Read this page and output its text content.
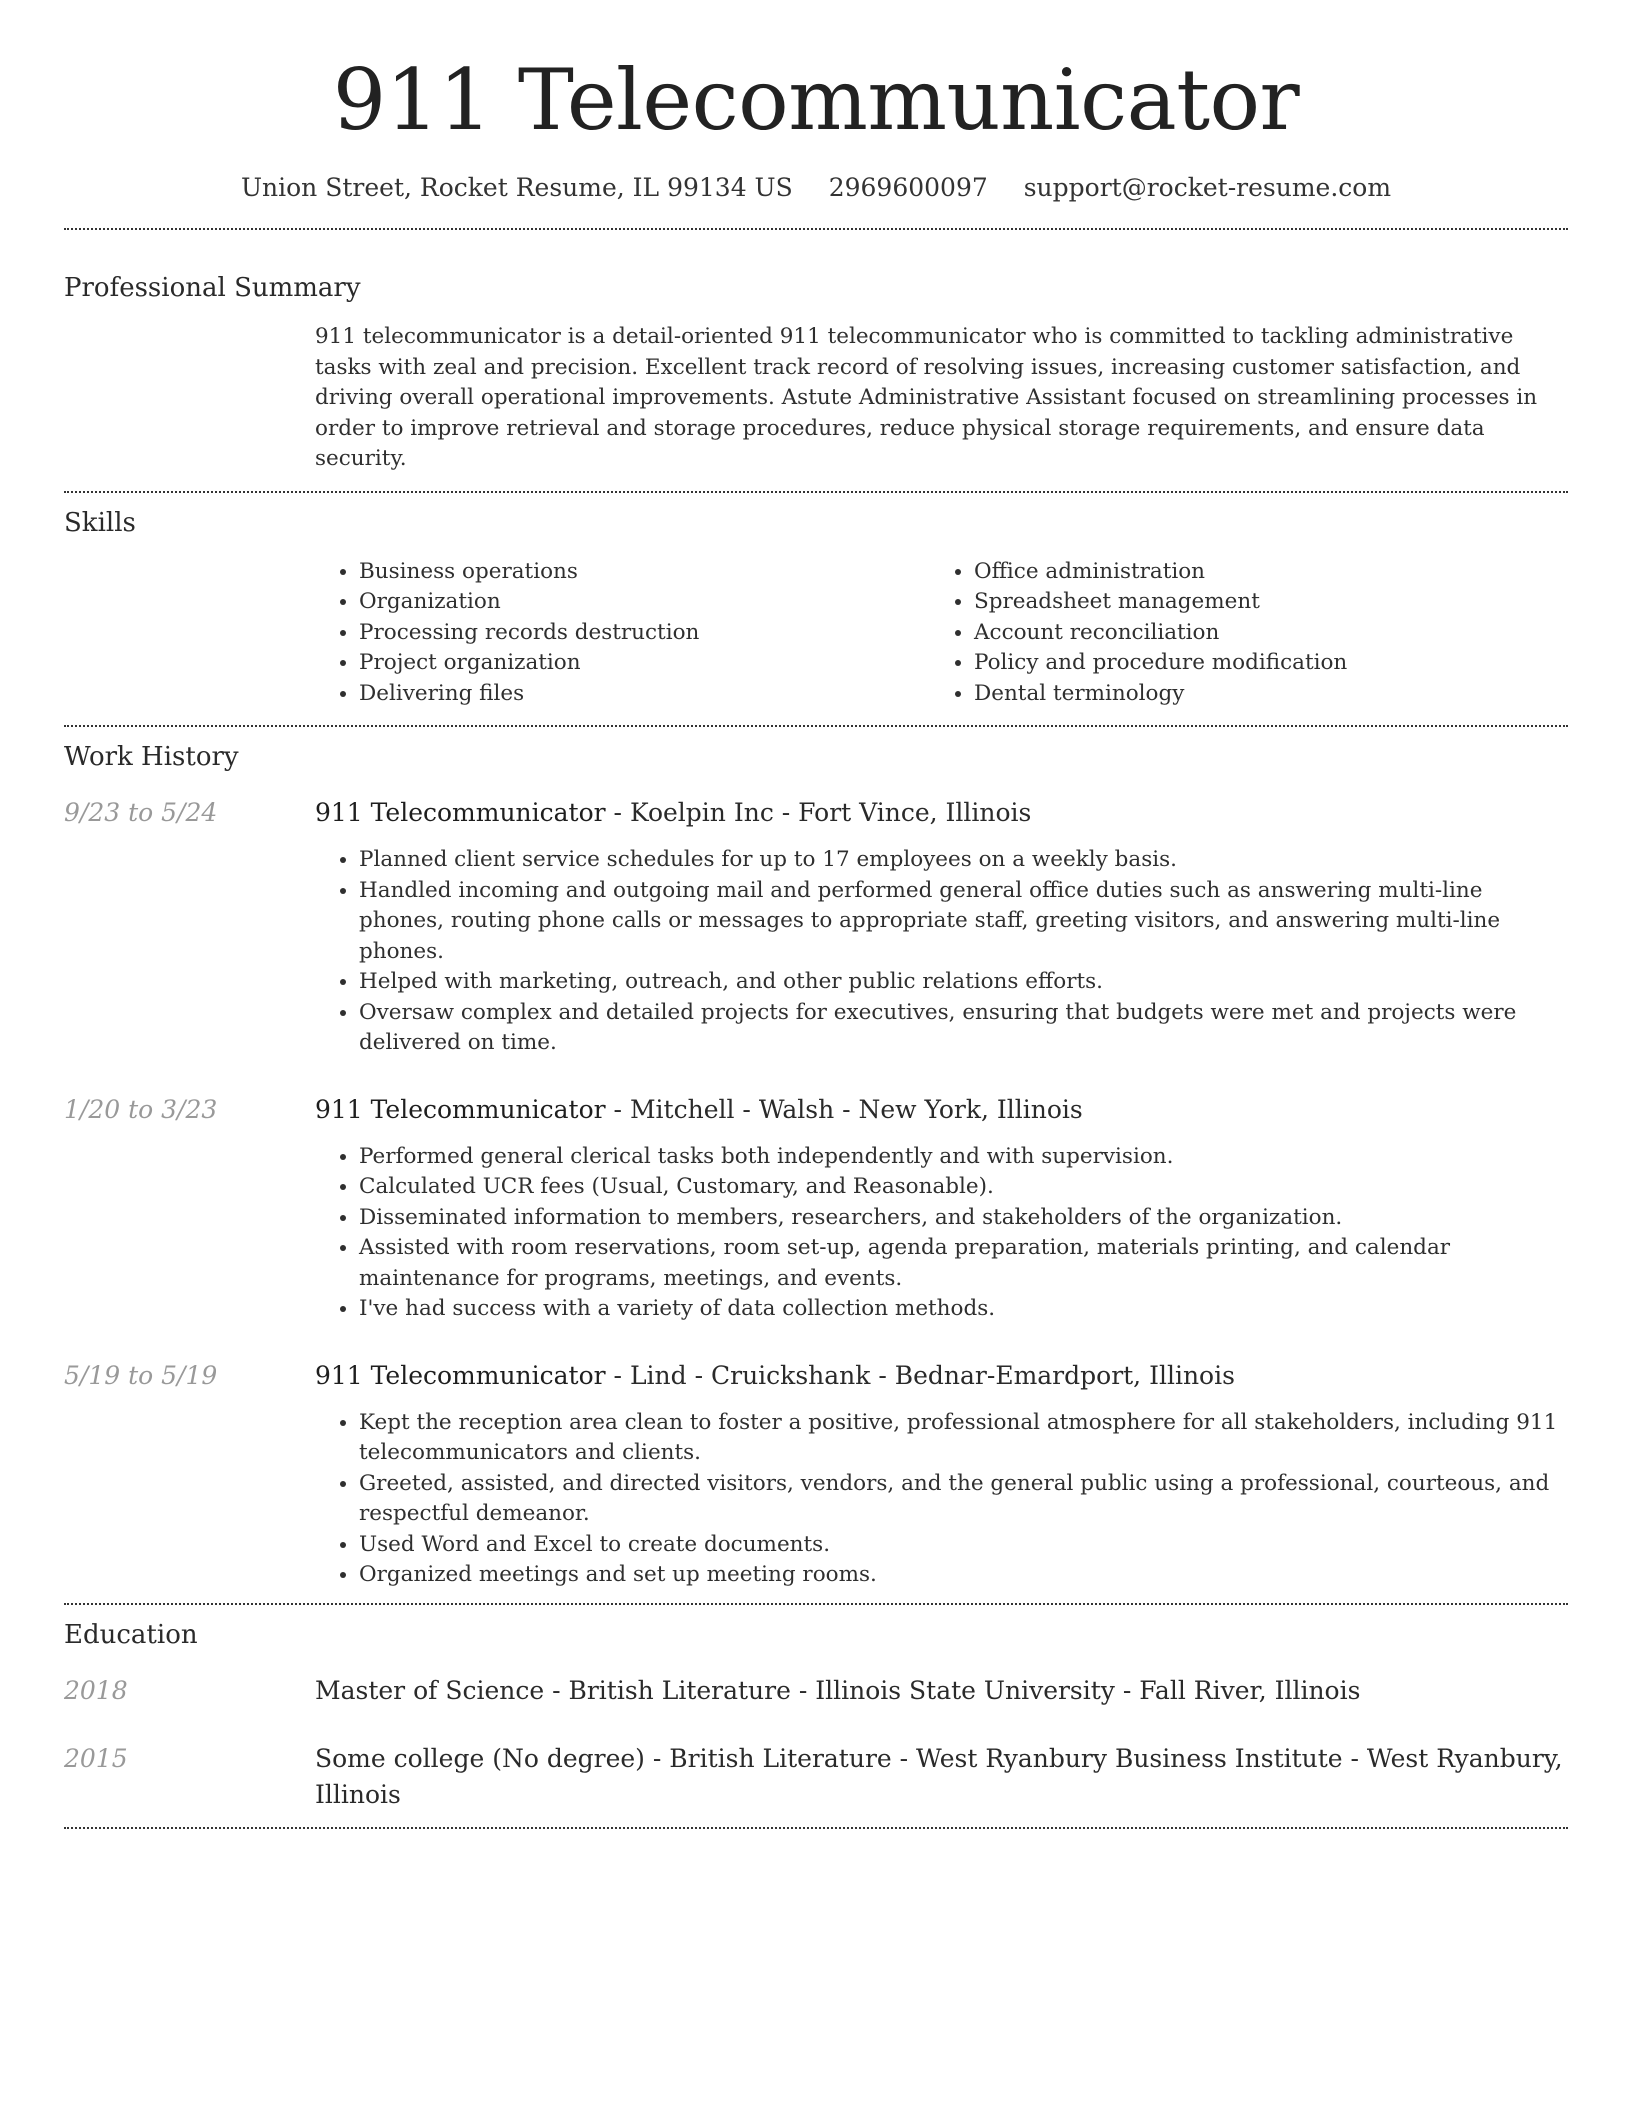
911 Telecommunicator
Union Street, Rocket Resume, IL 99134 US 2969600097 support@rocket-resume.com
Professional Summary

911 telecommunicator is a detail-oriented 911 telecommunicator who is committed to tackling administrative tasks with zeal and precision. Excellent track record of resolving issues, increasing customer satisfaction, and driving overall operational improvements. Astute Administrative Assistant focused on streamlining processes in order to improve retrieval and storage procedures, reduce physical storage requirements, and ensure data security.

Skills
• Business operations
• Organization
• Processing records destruction
• Project organization
• Delivering files
• Office administration
• Spreadsheet management
• Account reconciliation
• Policy and procedure modification
• Dental terminology
Work History
9/23 to 5/24	911 Telecommunicator - Koelpin Inc - Fort Vince, Illinois
• Planned client service schedules for up to 17 employees on a weekly basis.
• Handled incoming and outgoing mail and performed general office duties such as answering multi-line phones, routing phone calls or messages to appropriate staff, greeting visitors, and answering multi-line phones.
• Helped with marketing, outreach, and other public relations efforts.
• Oversaw complex and detailed projects for executives, ensuring that budgets were met and projects were delivered on time.
1/20 to 3/23	911 Telecommunicator - Mitchell - Walsh - New York, Illinois
• Performed general clerical tasks both independently and with supervision.
• Calculated UCR fees (Usual, Customary, and Reasonable).
• Disseminated information to members, researchers, and stakeholders of the organization.
• Assisted with room reservations, room set-up, agenda preparation, materials printing, and calendar maintenance for programs, meetings, and events.
• I've had success with a variety of data collection methods.
5/19 to 5/19	911 Telecommunicator - Lind - Cruickshank - Bednar-Emardport, Illinois
• Kept the reception area clean to foster a positive, professional atmosphere for all stakeholders, including 911 telecommunicators and clients.
• Greeted, assisted, and directed visitors, vendors, and the general public using a professional, courteous, and respectful demeanor.
• Used Word and Excel to create documents.
• Organized meetings and set up meeting rooms.
Education
2018	Master of Science - British Literature - Illinois State University - Fall River, Illinois
2015	Some college (No degree) - British Literature - West Ryanbury Business Institute - West Ryanbury, Illinois
